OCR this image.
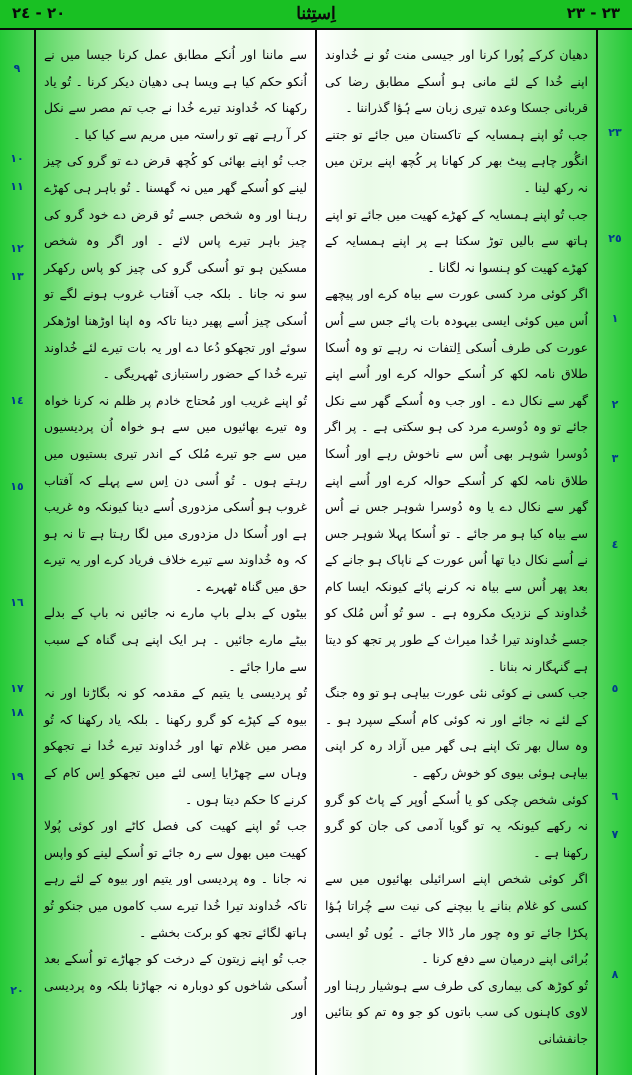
٢٠ - ٢٤	اِستِثنا	٢٣ - ٢٣
٩
١٠
١١
١٢
١٣
١٤
١٥
١٦
١٧
١٨
١٩
٢٠
٢٣
٢٥
١
٢
٣
٤
٥
٦
٧
٨

سے ماننا اور اُنکے مطابق عمل کرنا جیسا میں نے اُنکو حکم کیا ہے ویسا ہی دھیان دیکر کرنا ۔ تُو یاد رکھنا کہ خُداوند تیرے خُدا نے جب تم مصر سے نکل کر آ رہے تھے تو راستہ میں مریم سے کیا کیا ۔

جب تُو اپنے بھائی کو کُچھ قرض دے تو گرو کی چیز لینے کو اُسکے گھر میں نہ گھسنا ۔ تُو باہر ہی کھڑے رہنا اور وہ شخص جسے تُو قرض دے خود گرو کی چیز باہر تیرے پاس لائے ۔ اور اگر وہ شخص مسکین ہو تو اُسکی گرو کی چیز کو پاس رکھکر سو نہ جانا ۔ بلکہ جب آفتاب غروب ہونے لگے تو اُسکی چیز اُسے پھیر دینا تاکہ وہ اپنا اوڑھنا اوڑھکر سوئے اور تجھکو دُعا دے اور یہ بات تیرے لئے خُداوند تیرے خُدا کے حضور راستبازی ٹھہریگی ۔

تُو اپنے غریب اور مُحتاج خادم پر ظلم نہ کرنا خواہ وہ تیرے بھائیوں میں سے ہو خواہ اُن پردیسیوں میں سے جو تیرے مُلک کے اندر تیری بستیوں میں رہتے ہوں ۔ تُو اُسی دن اِس سے پہلے کہ آفتاب غروب ہو اُسکی مزدوری اُسے دینا کیونکہ وہ غریب ہے اور اُسکا دل مزدوری میں لگا رہتا ہے تا نہ ہو کہ وہ خُداوند سے تیرے خلاف فریاد کرے اور یہ تیرے حق میں گناہ ٹھہرے ۔

بیٹوں کے بدلے باپ مارے نہ جائیں نہ باپ کے بدلے بیٹے مارے جائیں ۔ ہر ایک اپنے ہی گناہ کے سبب سے مارا جائے ۔

تُو پردیسی یا یتیم کے مقدمہ کو نہ بگاڑنا اور نہ بیوہ کے کپڑے کو گرو رکھنا ۔ بلکہ یاد رکھنا کہ تُو مصر میں غلام تھا اور خُداوند تیرے خُدا نے تجھکو وہاں سے چھڑایا اِسی لئے میں تجھکو اِس کام کے کرنے کا حکم دیتا ہوں ۔

جب تُو اپنے کھیت کی فصل کاٹے اور کوئی پُولا کھیت میں بھول سے رہ جائے تو اُسکے لینے کو واپس نہ جانا ۔ وہ پردیسی اور یتیم اور بیوہ کے لئے رہے تاکہ خُداوند تیرا خُدا تیرے سب کاموں میں جنکو تُو ہاتھ لگائے تجھ کو برکت بخشے ۔

جب تُو اپنے زیتون کے درخت کو جھاڑے تو اُسکے بعد اُسکی شاخوں کو دوبارہ نہ جھاڑنا بلکہ وہ پردیسی اور

دھیان کرکے پُورا کرنا اور جیسی منت تُو نے خُداوند اپنے خُدا کے لئے مانی ہو اُسکے مطابق رضا کی قربانی جسکا وعدہ تیری زبان سے ہُؤا گذراننا ۔

جب تُو اپنے ہمسایہ کے تاکستان میں جائے تو جتنے انگُور چاہے پیٹ بھر کر کھانا پر کُچھ اپنے برتن میں نہ رکھ لینا ۔

جب تُو اپنے ہمسایہ کے کھڑے کھیت میں جائے تو اپنے ہاتھ سے بالیں توڑ سکتا ہے پر اپنے ہمسایہ کے کھڑے کھیت کو ہنسوا نہ لگانا ۔

اگر کوئی مرد کسی عورت سے بیاہ کرے اور پیچھے اُس میں کوئی ایسی بیہودہ بات پائے جس سے اُس عورت کی طرف اُسکی اِلتفات نہ رہے تو وہ اُسکا طلاق نامہ لکھ کر اُسکے حوالہ کرے اور اُسے اپنے گھر سے نکال دے ۔ اور جب وہ اُسکے گھر سے نکل جائے تو وہ دُوسرے مرد کی ہو سکتی ہے ۔ پر اگر دُوسرا شوہر بھی اُس سے ناخوش رہے اور اُسکا طلاق نامہ لکھ کر اُسکے حوالہ کرے اور اُسے اپنے گھر سے نکال دے یا وہ دُوسرا شوہر جس نے اُس سے بیاہ کیا ہو مر جائے ۔ تو اُسکا پہلا شوہر جس نے اُسے نکال دیا تھا اُس عورت کے ناپاک ہو جانے کے بعد پھر اُس سے بیاہ نہ کرنے پائے کیونکہ ایسا کام خُداوند کے نزدیک مکروہ ہے ۔ سو تُو اُس مُلک کو جسے خُداوند تیرا خُدا میراث کے طور پر تجھ کو دیتا ہے گنہگار نہ بنانا ۔

جب کسی نے کوئی نئی عورت بیاہی ہو تو وہ جنگ کے لئے نہ جائے اور نہ کوئی کام اُسکے سپرد ہو ۔ وہ سال بھر تک اپنے ہی گھر میں آزاد رہ کر اپنی بیاہی ہوئی بیوی کو خوش رکھے ۔

کوئی شخص چکی کو یا اُسکے اُوپر کے پاٹ کو گرو نہ رکھے کیونکہ یہ تو گویا آدمی کی جان کو گرو رکھنا ہے ۔

اگر کوئی شخص اپنے اسرائیلی بھائیوں میں سے کسی کو غلام بنانے یا بیچنے کی نیت سے چُراتا ہُؤا پکڑا جائے تو وہ چور مار ڈالا جائے ۔ یُوں تُو ایسی بُرائی اپنے درمیان سے دفع کرنا ۔

تُو کوڑھ کی بیماری کی طرف سے ہوشیار رہنا اور لاوی کاہنوں کی سب باتوں کو جو وہ تم کو بتائیں جانفشانی
